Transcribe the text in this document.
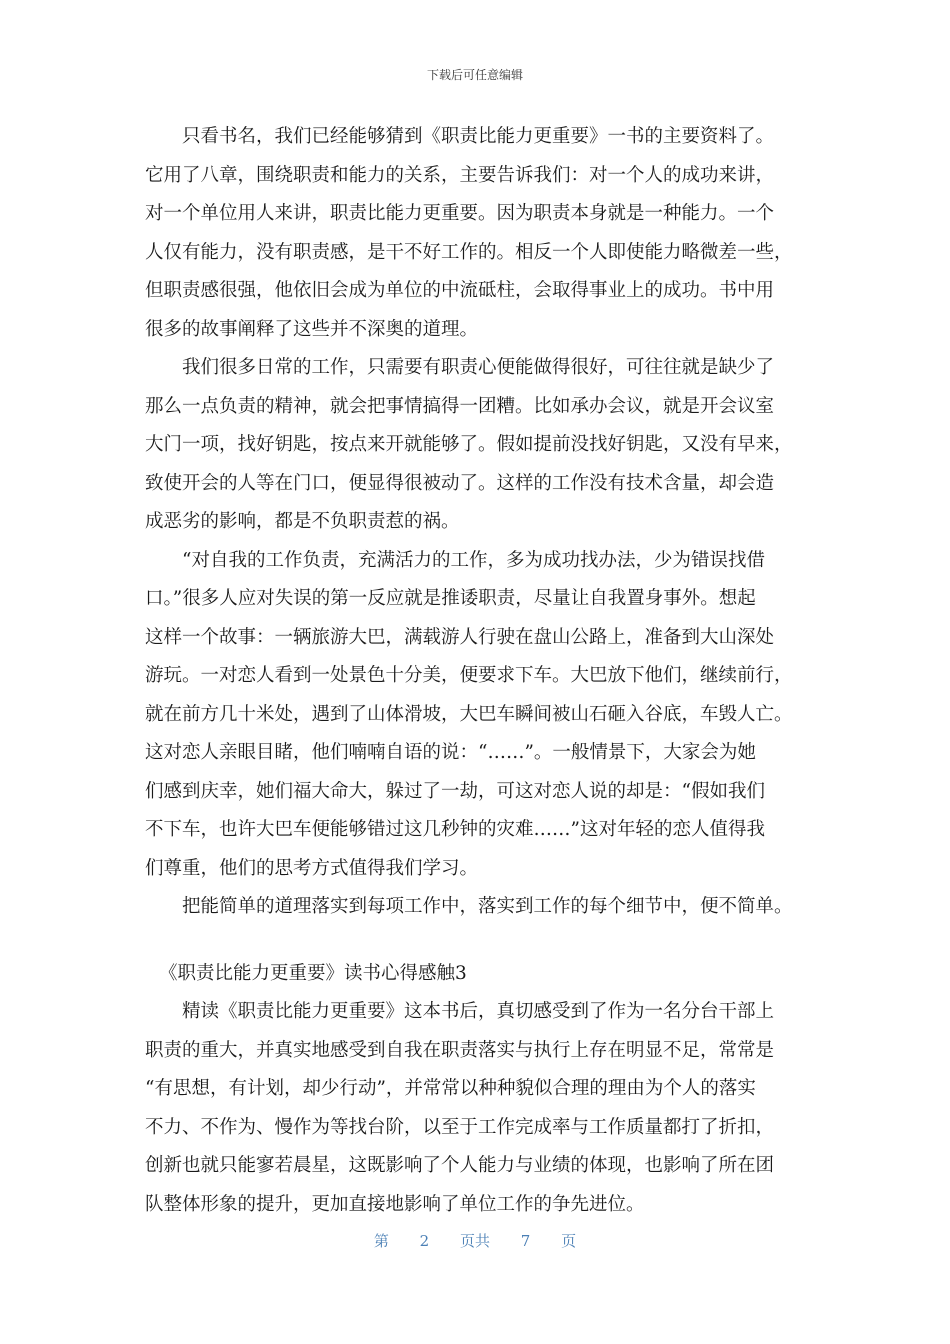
下载后可任意编辑
只看书名，我们已经能够猜到《职责比能力更重要》一书的主要资料了。
它用了八章，围绕职责和能力的关系，主要告诉我们：对一个人的成功来讲，
对一个单位用人来讲，职责比能力更重要。因为职责本身就是一种能力。一个
人仅有能力，没有职责感，是干不好工作的。相反一个人即使能力略微差一些，
但职责感很强，他依旧会成为单位的中流砥柱，会取得事业上的成功。书中用
很多的故事阐释了这些并不深奥的道理。
我们很多日常的工作，只需要有职责心便能做得很好，可往往就是缺少了
那么一点负责的精神，就会把事情搞得一团糟。比如承办会议，就是开会议室
大门一项，找好钥匙，按点来开就能够了。假如提前没找好钥匙，又没有早来，
致使开会的人等在门口，便显得很被动了。这样的工作没有技术含量，却会造
成恶劣的影响，都是不负职责惹的祸。
“对自我的工作负责，充满活力的工作，多为成功找办法，少为错误找借
口。”很多人应对失误的第一反应就是推诿职责，尽量让自我置身事外。想起
这样一个故事：一辆旅游大巴，满载游人行驶在盘山公路上，准备到大山深处
游玩。一对恋人看到一处景色十分美，便要求下车。大巴放下他们，继续前行，
就在前方几十米处，遇到了山体滑坡，大巴车瞬间被山石砸入谷底，车毁人亡。
这对恋人亲眼目睹，他们喃喃自语的说：“……”。一般情景下，大家会为她
们感到庆幸，她们福大命大，躲过了一劫，可这对恋人说的却是：“假如我们
不下车，也许大巴车便能够错过这几秒钟的灾难……”这对年轻的恋人值得我
们尊重，他们的思考方式值得我们学习。
把能简单的道理落实到每项工作中，落实到工作的每个细节中，便不简单。
《职责比能力更重要》读书心得感触3
精读《职责比能力更重要》这本书后，真切感受到了作为一名分台干部上
职责的重大，并真实地感受到自我在职责落实与执行上存在明显不足，常常是
“有思想，有计划，却少行动”，并常常以种种貌似合理的理由为个人的落实
不力、不作为、慢作为等找台阶，以至于工作完成率与工作质量都打了折扣，
创新也就只能寥若晨星，这既影响了个人能力与业绩的体现，也影响了所在团
队整体形象的提升，更加直接地影响了单位工作的争先进位。
第 2 页共 7 页
